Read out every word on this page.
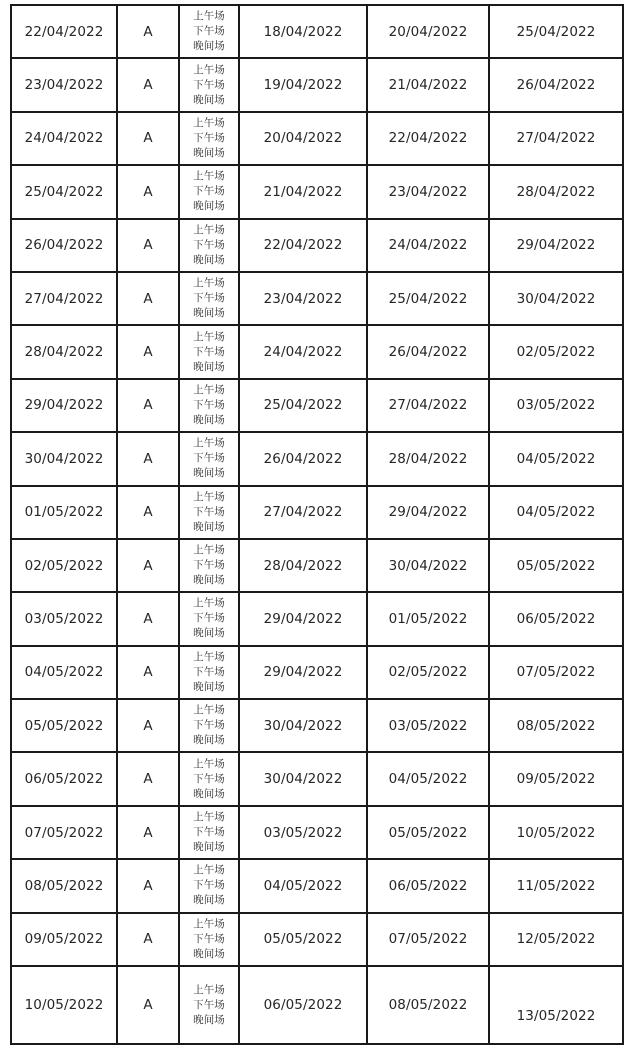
22/04/2022	A	上午场
下午场
晚间场	18/04/2022	20/04/2022	25/04/2022
23/04/2022	A	上午场
下午场
晚间场	19/04/2022	21/04/2022	26/04/2022
24/04/2022	A	上午场
下午场
晚间场	20/04/2022	22/04/2022	27/04/2022
25/04/2022	A	上午场
下午场
晚间场	21/04/2022	23/04/2022	28/04/2022
26/04/2022	A	上午场
下午场
晚间场	22/04/2022	24/04/2022	29/04/2022
27/04/2022	A	上午场
下午场
晚间场	23/04/2022	25/04/2022	30/04/2022
28/04/2022	A	上午场
下午场
晚间场	24/04/2022	26/04/2022	02/05/2022
29/04/2022	A	上午场
下午场
晚间场	25/04/2022	27/04/2022	03/05/2022
30/04/2022	A	上午场
下午场
晚间场	26/04/2022	28/04/2022	04/05/2022
01/05/2022	A	上午场
下午场
晚间场	27/04/2022	29/04/2022	04/05/2022
02/05/2022	A	上午场
下午场
晚间场	28/04/2022	30/04/2022	05/05/2022
03/05/2022	A	上午场
下午场
晚间场	29/04/2022	01/05/2022	06/05/2022
04/05/2022	A	上午场
下午场
晚间场	29/04/2022	02/05/2022	07/05/2022
05/05/2022	A	上午场
下午场
晚间场	30/04/2022	03/05/2022	08/05/2022
06/05/2022	A	上午场
下午场
晚间场	30/04/2022	04/05/2022	09/05/2022
07/05/2022	A	上午场
下午场
晚间场	03/05/2022	05/05/2022	10/05/2022
08/05/2022	A	上午场
下午场
晚间场	04/05/2022	06/05/2022	11/05/2022
09/05/2022	A	上午场
下午场
晚间场	05/05/2022	07/05/2022	12/05/2022
10/05/2022	A	上午场
下午场
晚间场	06/05/2022	08/05/2022	13/05/2022
